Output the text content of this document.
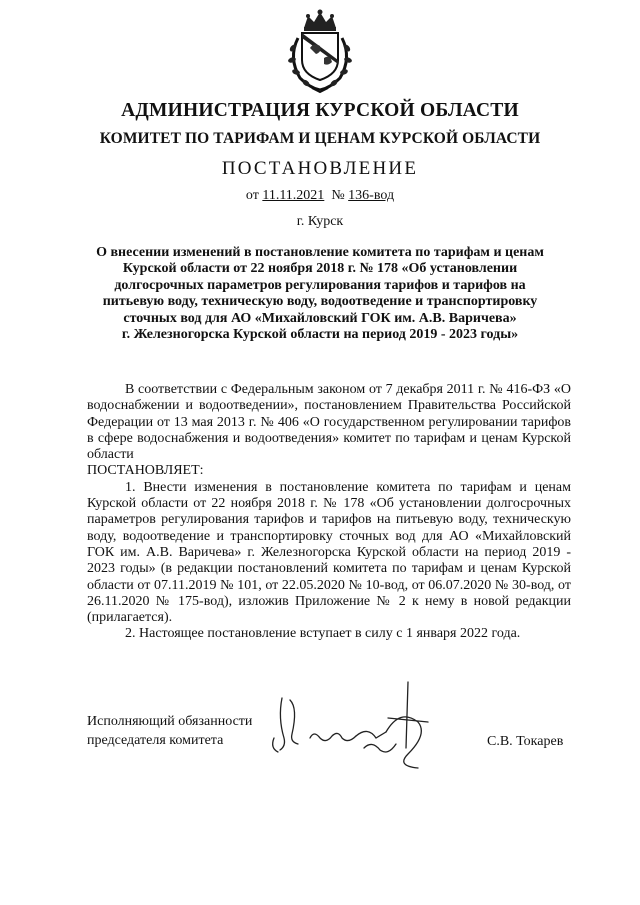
АДМИНИСТРАЦИЯ КУРСКОЙ ОБЛАСТИ
КОМИТЕТ ПО ТАРИФАМ И ЦЕНАМ КУРСКОЙ ОБЛАСТИ
ПОСТАНОВЛЕНИЕ
от 11.11.2021 № 136-вод
г. Курск
О внесении изменений в постановление комитета по тарифам и ценам
Курской области от 22 ноября 2018 г. № 178 «Об установлении
долгосрочных параметров регулирования тарифов и тарифов на
питьевую воду, техническую воду, водоотведение и транспортировку
сточных вод для АО «Михайловский ГОК им. А.В. Варичева»
г. Железногорска Курской области на период 2019 - 2023 годы»

В соответствии с Федеральным законом от 7 декабря 2011 г. № 416-ФЗ «О водоснабжении и водоотведении», постановлением Правительства Российской Федерации от 13 мая 2013 г. № 406 «О государственном регулировании тарифов в сфере водоснабжения и водоотведения» комитет по тарифам и ценам Курской области

ПОСТАНОВЛЯЕТ:

1. Внести изменения в постановление комитета по тарифам и ценам Курской области от 22 ноября 2018 г. № 178 «Об установлении долгосрочных параметров регулирования тарифов и тарифов на питьевую воду, техническую воду, водоотведение и транспортировку сточных вод для АО «Михайловский ГОК им. А.В. Варичева» г. Железногорска Курской области на период 2019 - 2023 годы» (в редакции постановлений комитета по тарифам и ценам Курской области от 07.11.2019 № 101, от 22.05.2020 № 10-вод, от 06.07.2020 № 30-вод, от 26.11.2020 № 175-вод), изложив Приложение № 2 к нему в новой редакции (прилагается).

2. Настоящее постановление вступает в силу с 1 января 2022 года.

Исполняющий обязанности
председателя комитета	С.В. Токарев
